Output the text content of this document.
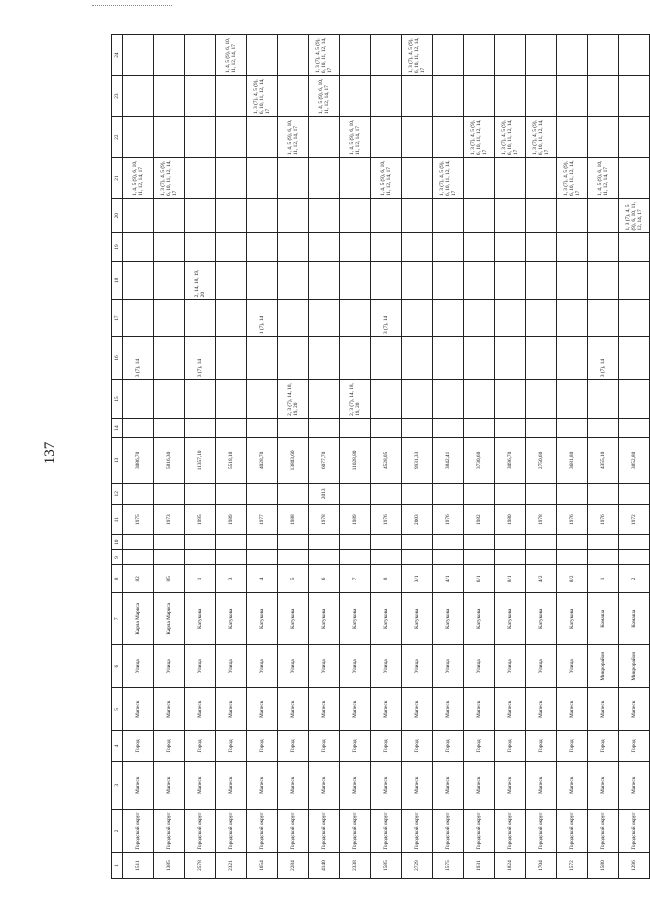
137
1	2	3	4	5	6	7	8	9	10	11	12	13	14	15	16	17	18	19	20	21	22	23	24
1511	Городской округ	Мапеск	Город	Мапеск	Улица	Карла Маркса	82			1975		3086,70			3 (7), 14					1, 4, 5 (9), 6, 10, 11, 12, 14, 17			
1385	Городской округ	Мапеск	Город	Мапеск	Улица	Карла Маркса	85			1973		5816,30								1, 3 (7), 4, 5 (9), 6, 10, 11, 12, 14, 17			
2578	Городской округ	Мапеск	Город	Мапеск	Улица	Катукова	1			1995		11357,10			3 (7), 14		2, 14, 18, 19, 20						
2321	Городской округ	Мапеск	Город	Мапеск	Улица	Катукова	3			1989		5518,10											1, 4, 5 (9), 6, 10, 11, 12, 14, 17
1654	Городской округ	Мапеск	Город	Мапеск	Улица	Катукова	4			1977		4028,70				1 (7), 14						1, 3 (7), 4, 5 (9), 6, 10, 11, 12, 14, 17	
2284	Городской округ	Мапеск	Город	Мапеск	Улица	Катукова	5			1988		13803,60		2, 3 (7), 14, 18, 19, 20							1, 4, 5 (9), 6, 10, 11, 12, 14, 17		
4140	Городской округ	Мапеск	Город	Мапеск	Улица	Катукова	6			1978	2013	6077,70										1, 4, 5 (9), 6, 10, 11, 12, 14, 17	1, 3 (7), 4, 5 (9), 6, 10, 11, 12, 14, 17
2338	Городской округ	Мапеск	Город	Мапеск	Улица	Катукова	7			1989		11028,80		2, 3 (7), 14, 18, 19, 20							1, 4, 5 (9), 6, 10, 11, 12, 14, 17		
1585	Городской округ	Мапеск	Город	Мапеск	Улица	Катукова	8			1976		4528,05				3 (7), 14				1, 4, 5 (9), 6, 10, 11, 12, 14, 17			
2729	Городской округ	Мапеск	Город	Мапеск	Улица	Катукова	3/1			2003		9931,33											1, 3 (7), 4, 5 (9), 6, 10, 11, 12, 14, 17
1575	Городской округ	Мапеск	Город	Мапеск	Улица	Катукова	4/1			1976		3842,41								1, 3 (7), 4, 5 (9), 6, 10, 11, 12, 14, 17			
1931	Городской округ	Мапеск	Город	Мапеск	Улица	Катукова	6/1			1982		3730,60									1, 3 (7), 4, 5 (9), 6, 10, 11, 12, 14, 17		
1824	Городской округ	Мапеск	Город	Мапеск	Улица	Катукова	8/1			1980		3096,70									1, 3 (7), 4, 5 (9), 6, 10, 11, 12, 14, 17		
1704	Городской округ	Мапеск	Город	Мапеск	Улица	Катукова	4/2			1978		2750,60									1, 3 (7), 4, 5 (9), 6, 10, 11, 12, 14, 17		
1572	Городской округ	Мапеск	Город	Мапеск	Улица	Катукова	8/2			1976		3681,80								1, 3 (7), 4, 5 (9), 6, 10, 11, 12, 14, 17			
1580	Городской округ	Мапеск	Город	Мапеск	Микрорайон	Комаша	1			1976		4355,10			3 (7), 14					1, 4, 5 (9), 6, 10, 11, 12, 14, 17			
1296	Городской округ	Мапеск	Город	Мапеск	Микрорайон	Комаша	2			1972		3852,80							1, 3 (7), 4, 5 (9), 6, 10, 11, 12, 14, 17				
